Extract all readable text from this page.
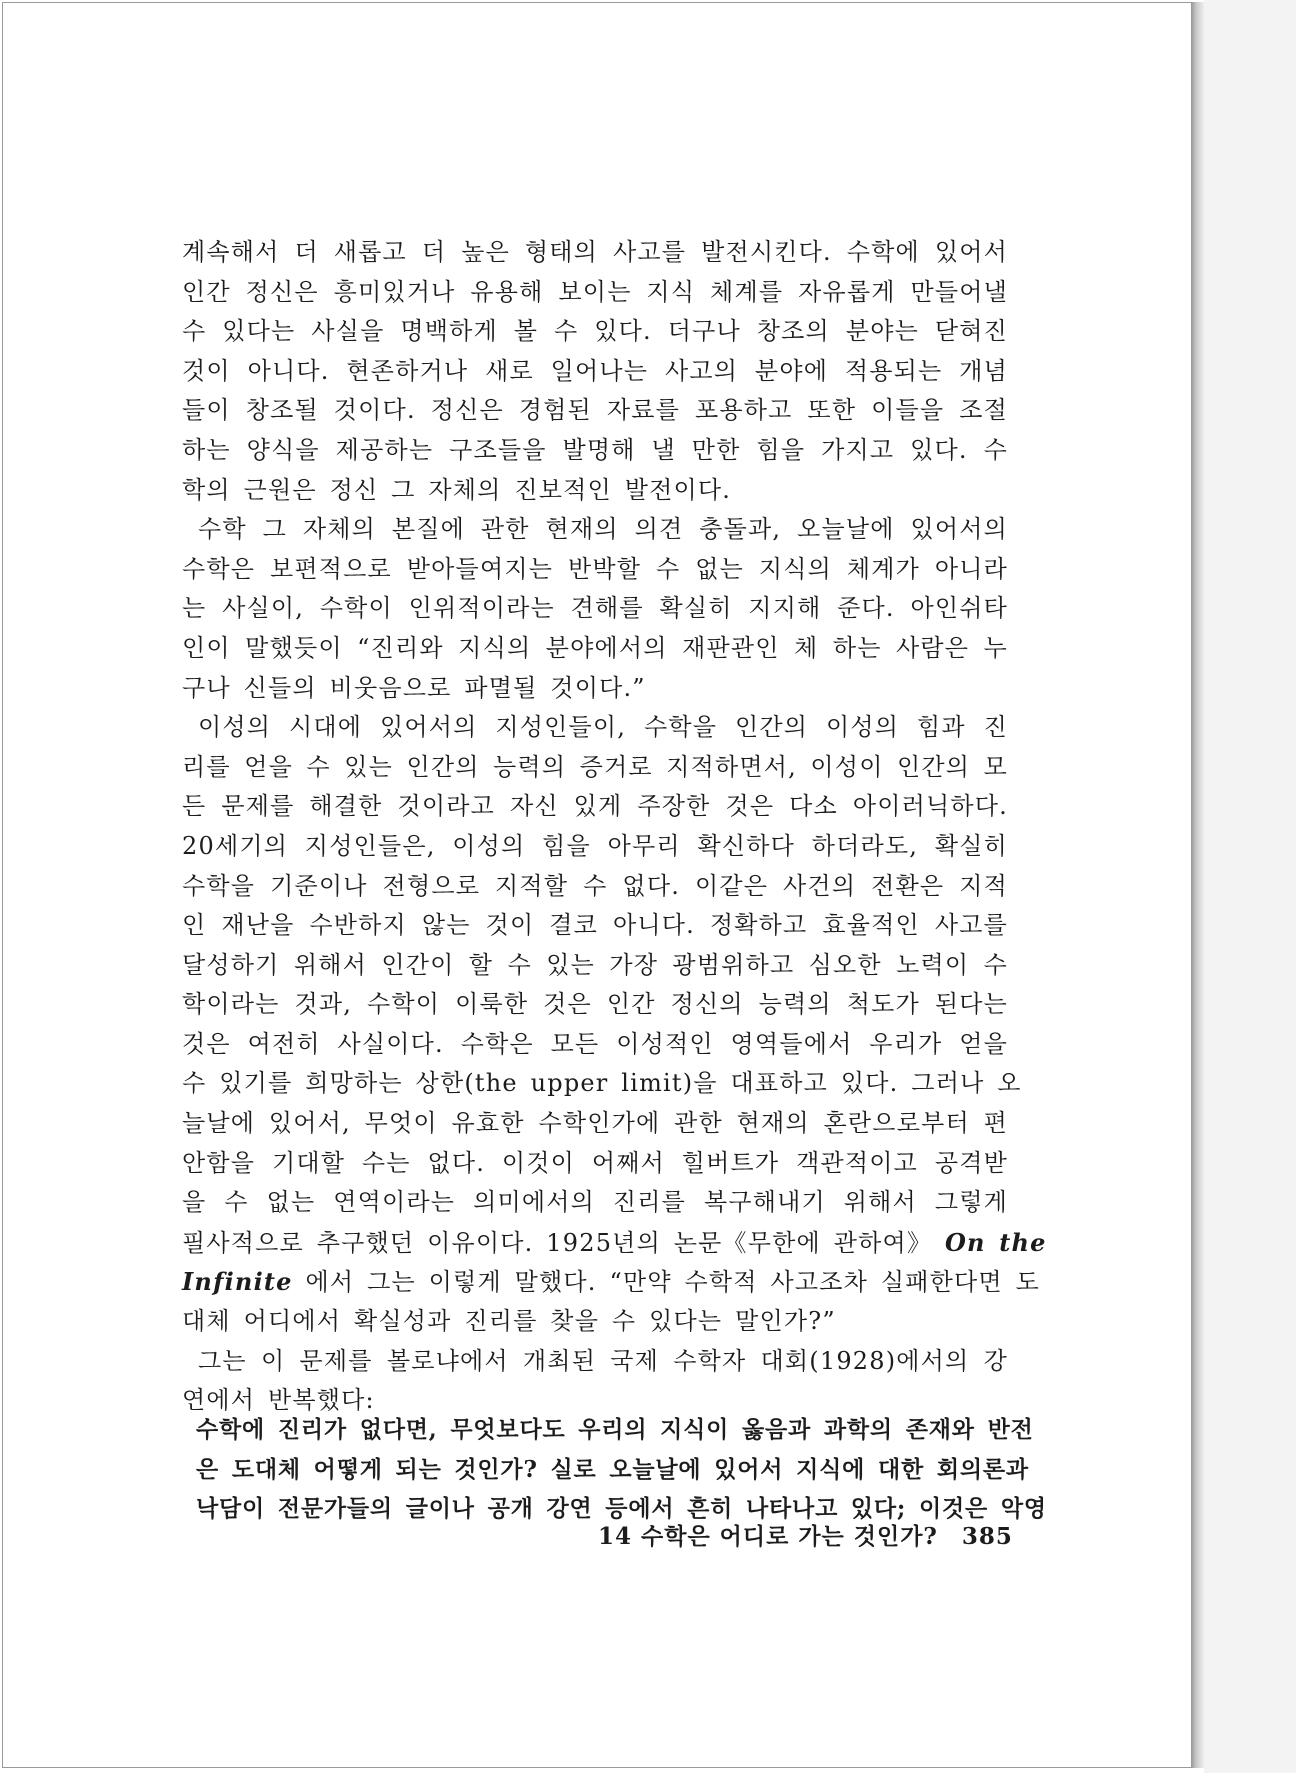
계속해서 더 새롭고 더 높은 형태의 사고를 발전시킨다. 수학에 있어서
인간 정신은 흥미있거나 유용해 보이는 지식 체계를 자유롭게 만들어낼
수 있다는 사실을 명백하게 볼 수 있다. 더구나 창조의 분야는 닫혀진
것이 아니다. 현존하거나 새로 일어나는 사고의 분야에 적용되는 개념
들이 창조될 것이다. 정신은 경험된 자료를 포용하고 또한 이들을 조절
하는 양식을 제공하는 구조들을 발명해 낼 만한 힘을 가지고 있다. 수
학의 근원은 정신 그 자체의 진보적인 발전이다.
수학 그 자체의 본질에 관한 현재의 의견 충돌과, 오늘날에 있어서의
수학은 보편적으로 받아들여지는 반박할 수 없는 지식의 체계가 아니라
는 사실이, 수학이 인위적이라는 견해를 확실히 지지해 준다. 아인쉬타
인이 말했듯이 “진리와 지식의 분야에서의 재판관인 체 하는 사람은 누
구나 신들의 비웃음으로 파멸될 것이다.”
이성의 시대에 있어서의 지성인들이, 수학을 인간의 이성의 힘과 진
리를 얻을 수 있는 인간의 능력의 증거로 지적하면서, 이성이 인간의 모
든 문제를 해결한 것이라고 자신 있게 주장한 것은 다소 아이러닉하다.
20세기의 지성인들은, 이성의 힘을 아무리 확신하다 하더라도, 확실히
수학을 기준이나 전형으로 지적할 수 없다. 이같은 사건의 전환은 지적
인 재난을 수반하지 않는 것이 결코 아니다. 정확하고 효율적인 사고를
달성하기 위해서 인간이 할 수 있는 가장 광범위하고 심오한 노력이 수
학이라는 것과, 수학이 이룩한 것은 인간 정신의 능력의 척도가 된다는
것은 여전히 사실이다. 수학은 모든 이성적인 영역들에서 우리가 얻을
수 있기를 희망하는 상한(the upper limit)을 대표하고 있다. 그러나 오
늘날에 있어서, 무엇이 유효한 수학인가에 관한 현재의 혼란으로부터 편
안함을 기대할 수는 없다. 이것이 어째서 힐버트가 객관적이고 공격받
을 수 없는 연역이라는 의미에서의 진리를 복구해내기 위해서 그렇게
필사적으로 추구했던 이유이다. 1925년의 논문《무한에 관하여》 On the
Infinite 에서 그는 이렇게 말했다. “만약 수학적 사고조차 실패한다면 도
대체 어디에서 확실성과 진리를 찾을 수 있다는 말인가?”
그는 이 문제를 볼로냐에서 개최된 국제 수학자 대회(1928)에서의 강
연에서 반복했다:
수학에 진리가 없다면, 무엇보다도 우리의 지식이 옳음과 과학의 존재와 반전
은 도대체 어떻게 되는 것인가? 실로 오늘날에 있어서 지식에 대한 회의론과
낙담이 전문가들의 글이나 공개 강연 등에서 흔히 나타나고 있다; 이것은 악영
14 수학은 어디로 가는 것인가? 385
